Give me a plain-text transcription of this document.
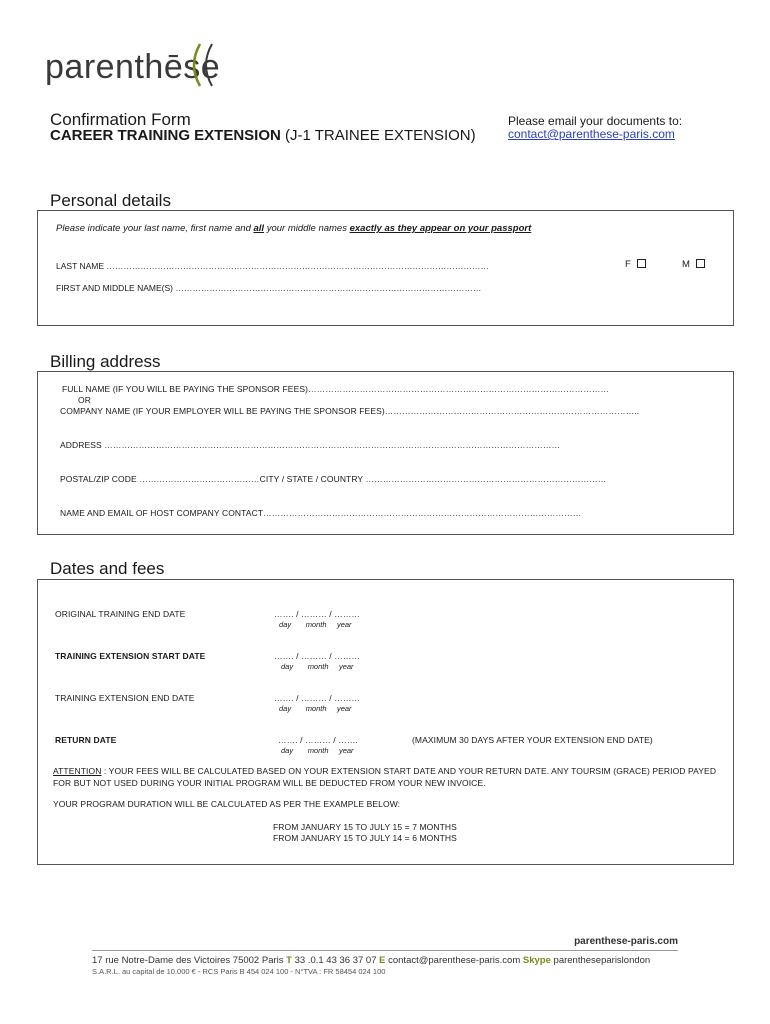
parenthēse
Confirmation Form
CAREER TRAINING EXTENSION (J-1 TRAINEE EXTENSION)
Please email your documents to:
contact@parenthese-paris.com
Personal details
Please indicate your last name, first name and all your middle names exactly as they appear on your passport
LAST NAME ………………………………………………………………………………………………………………………	F	M
FIRST AND MIDDLE NAME(S) ………………………………………………………………………………………………
Billing address
FULL NAME (IF YOU WILL BE PAYING THE SPONSOR FEES)……………………………………………………………………………………………
OR
COMPANY NAME (IF YOUR EMPLOYER WILL BE PAYING THE SPONSOR FEES)……………………………………………………………………………..
ADDRESS ……………………………………………………………………………………………………………………………………………
POSTAL/ZIP CODE ……………………………………CITY / STATE / COUNTRY …………………………………………………………………………
NAME AND EMAIL OF HOST COMPANY CONTACT…………………………………………………………………………………………………
Dates and fees
ORIGINAL TRAINING END DATE	……. / ……… / ………
day month year
TRAINING EXTENSION START DATE	……. / ……… / ………
day month year
TRAINING EXTENSION END DATE	……. / ……… / ………
day month year
RETURN DATE	……. / ……… / …….
day month year
(MAXIMUM 30 DAYS AFTER YOUR EXTENSION END DATE)
ATTENTION : YOUR FEES WILL BE CALCULATED BASED ON YOUR EXTENSION START DATE AND YOUR RETURN DATE. ANY TOURSIM (GRACE) PERIOD PAYED
FOR BUT NOT USED DURING YOUR INITIAL PROGRAM WILL BE DEDUCTED FROM YOUR NEW INVOICE.
YOUR PROGRAM DURATION WILL BE CALCULATED AS PER THE EXAMPLE BELOW:
FROM JANUARY 15 TO JULY 15 = 7 MONTHS
FROM JANUARY 15 TO JULY 14 = 6 MONTHS
parenthese-paris.com
17 rue Notre-Dame des Victoires 75002 Paris T 33 .0.1 43 36 37 07 E contact@parenthese-paris.com Skype parentheseparislondon
S.A.R.L. au capital de 10.000 € - RCS Paris B 454 024 100 - N°TVA : FR 58454 024 100
